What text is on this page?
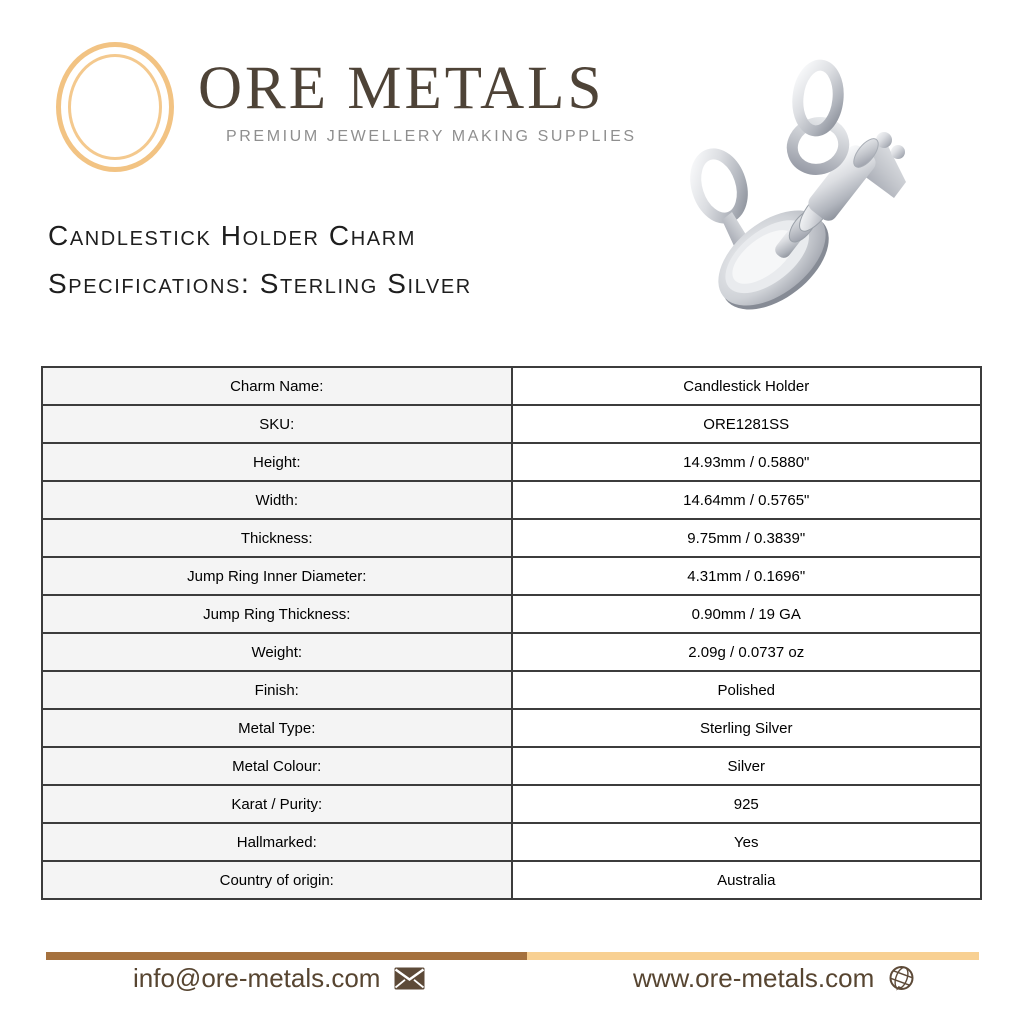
ORE METALS
PREMIUM JEWELLERY MAKING SUPPLIES
Candlestick Holder Charm
Specifications: Sterling Silver
Charm Name:	Candlestick Holder
SKU:	ORE1281SS
Height:	14.93mm / 0.5880"
Width:	14.64mm / 0.5765"
Thickness:	9.75mm / 0.3839"
Jump Ring Inner Diameter:	4.31mm / 0.1696"
Jump Ring Thickness:	0.90mm / 19 GA
Weight:	2.09g / 0.0737 oz
Finish:	Polished
Metal Type:	Sterling Silver
Metal Colour:	Silver
Karat / Purity:	925
Hallmarked:	Yes
Country of origin:	Australia
info@ore-metals.com	www.ore-metals.com
